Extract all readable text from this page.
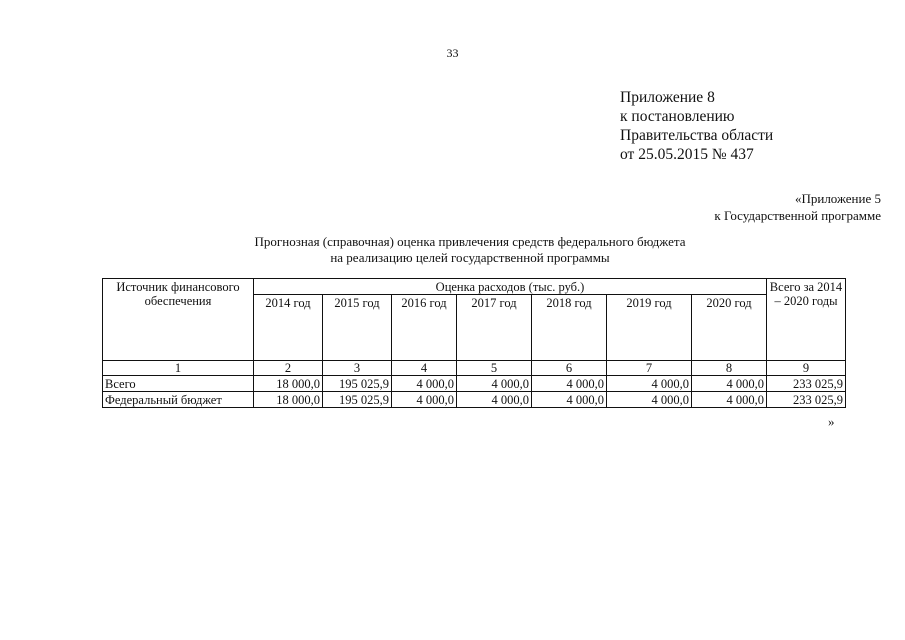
33
Приложение 8
к постановлению
Правительства области
от 25.05.2015 № 437
«Приложение 5
к Государственной программе
Прогнозная (справочная) оценка привлечения средств федерального бюджета
на реализацию целей государственной программы
Источник финансового обеспечения	Оценка расходов (тыс. руб.)							Всего за 2014 – 2020 годы
	2014 год	2015 год	2016 год	2017 год	2018 год	2019 год	2020 год	
1	2	3	4	5	6	7	8	9
Всего	18 000,0	195 025,9	4 000,0	4 000,0	4 000,0	4 000,0	4 000,0	233 025,9
Федеральный бюджет	18 000,0	195 025,9	4 000,0	4 000,0	4 000,0	4 000,0	4 000,0	233 025,9
»
